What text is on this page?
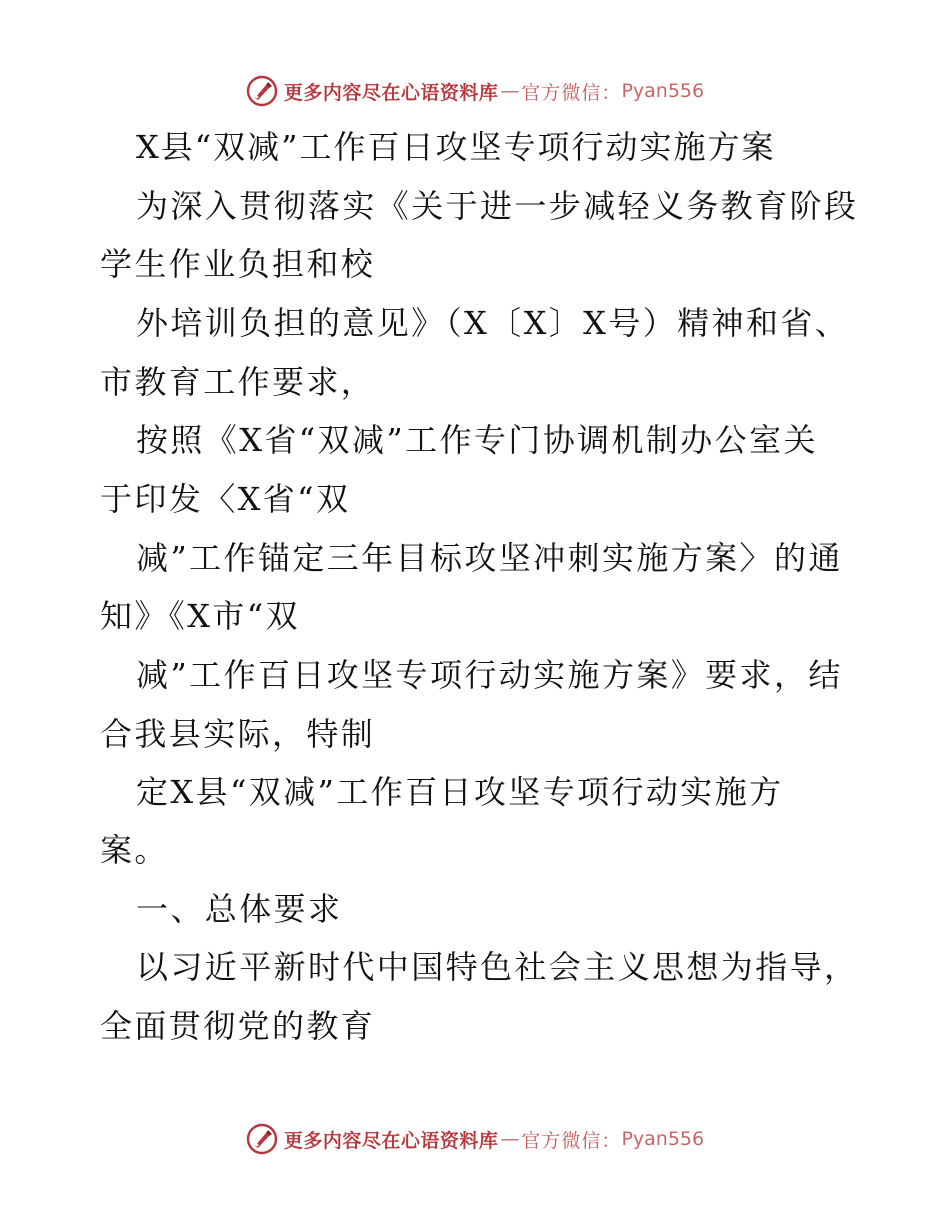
更多内容尽在心语资料库 — 官方微信： Pyan556
X县“双减”工作百日攻坚专项行动实施方案
为深入贯彻落实《关于进一步减轻义务教育阶段
学生作业负担和校
外培训负担的意见》（X〔X〕X号）精神和省、
市教育工作要求，
按照《X省“双减”工作专门协调机制办公室关
于印发〈X省“双
减”工作锚定三年目标攻坚冲刺实施方案〉的通
知》《X市“双
减”工作百日攻坚专项行动实施方案》要求，结
合我县实际，特制
定X县“双减”工作百日攻坚专项行动实施方
案。
一、总体要求
以习近平新时代中国特色社会主义思想为指导，
全面贯彻党的教育
更多内容尽在心语资料库 — 官方微信： Pyan556
